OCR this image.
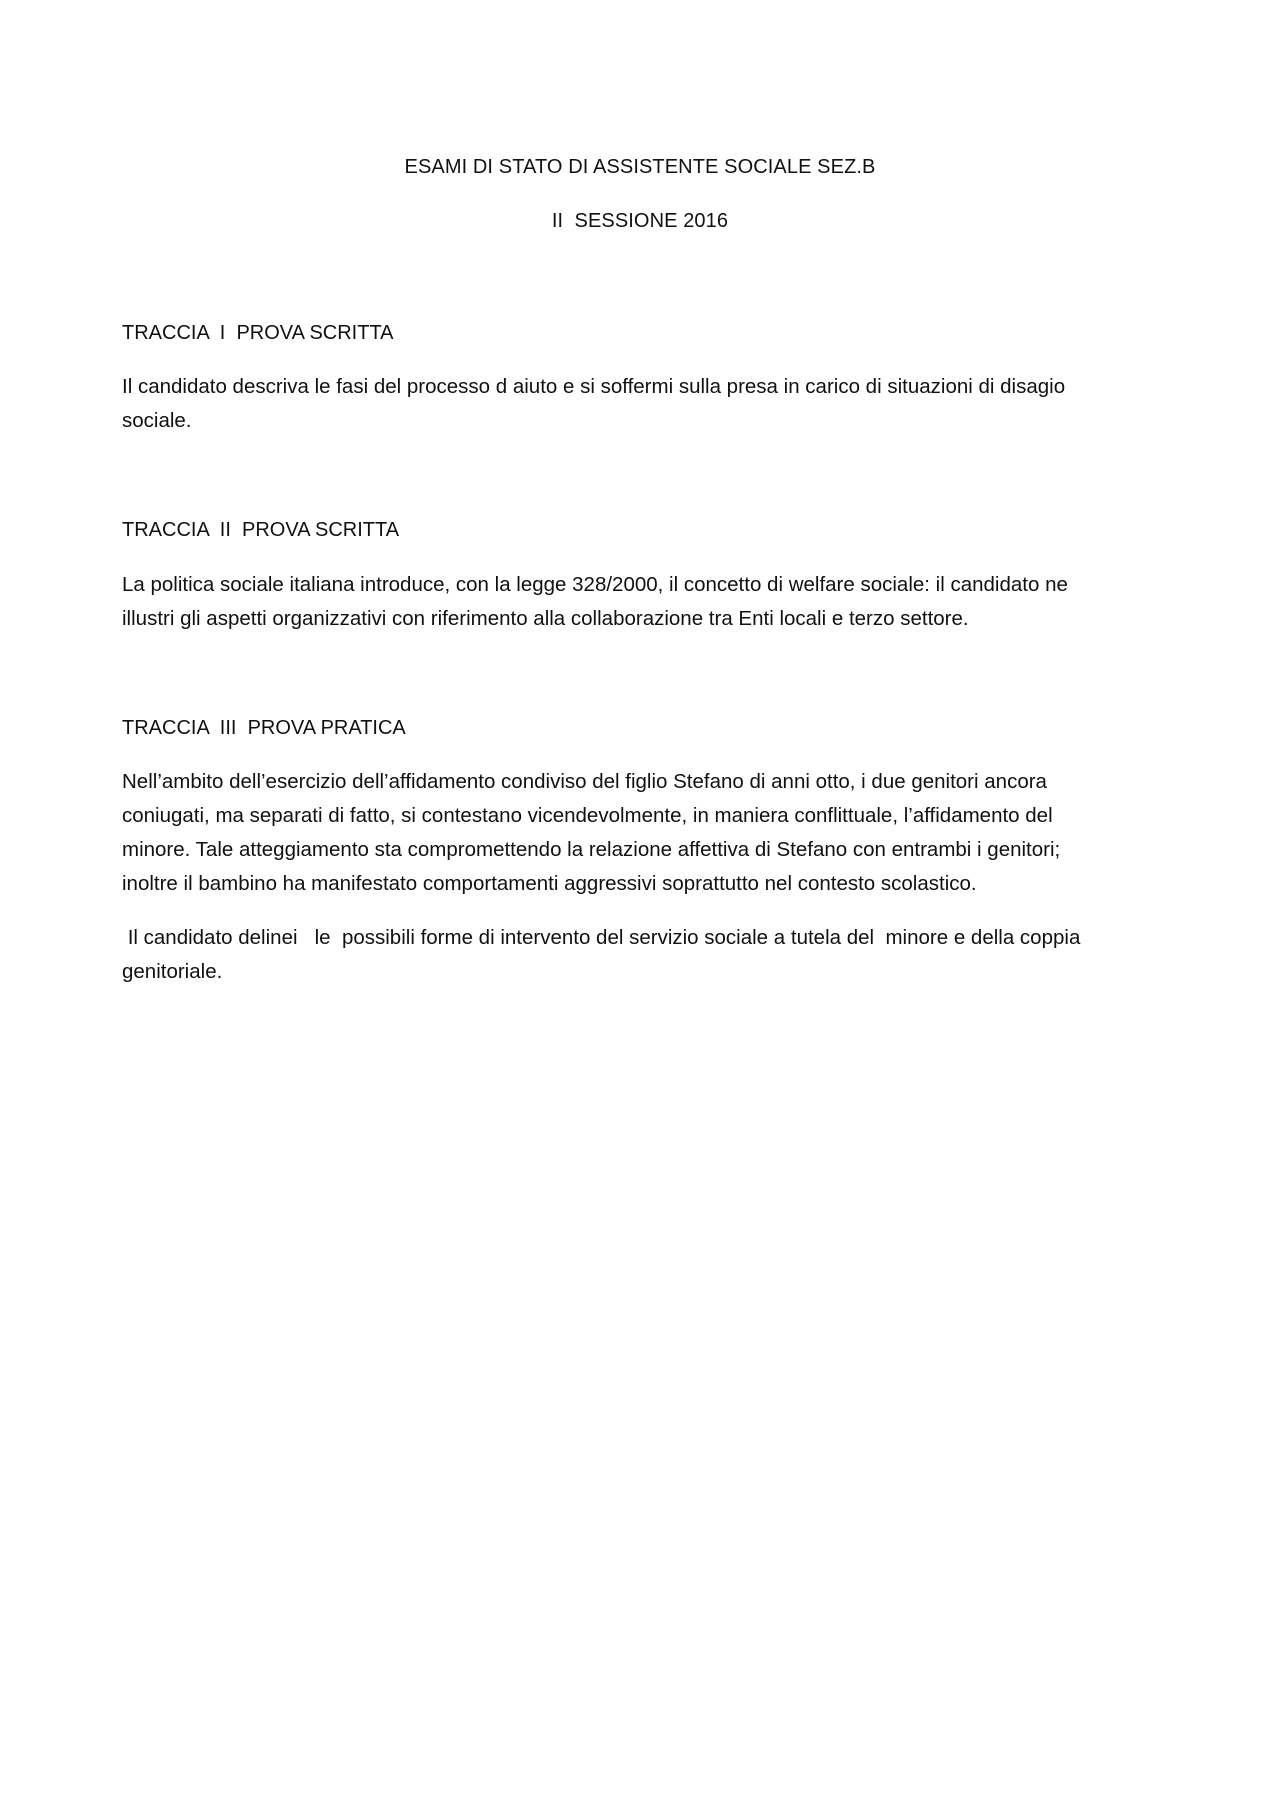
ESAMI DI STATO DI ASSISTENTE SOCIALE SEZ.B
II  SESSIONE 2016

TRACCIA  I  PROVA SCRITTA

Il candidato descriva le fasi del processo d aiuto e si soffermi sulla presa in carico di situazioni di disagio

sociale.

TRACCIA  II  PROVA SCRITTA

La politica sociale italiana introduce, con la legge 328/2000, il concetto di welfare sociale: il candidato ne

illustri gli aspetti organizzativi con riferimento alla collaborazione tra Enti locali e terzo settore.

TRACCIA  III  PROVA PRATICA

Nell’ambito dell’esercizio dell’affidamento condiviso del figlio Stefano di anni otto, i due genitori ancora

coniugati, ma separati di fatto, si contestano vicendevolmente, in maniera conflittuale, l’affidamento del

minore. Tale atteggiamento sta compromettendo la relazione affettiva di Stefano con entrambi i genitori;

inoltre il bambino ha manifestato comportamenti aggressivi soprattutto nel contesto scolastico.

Il candidato delinei   le  possibili forme di intervento del servizio sociale a tutela del  minore e della coppia

genitoriale.
